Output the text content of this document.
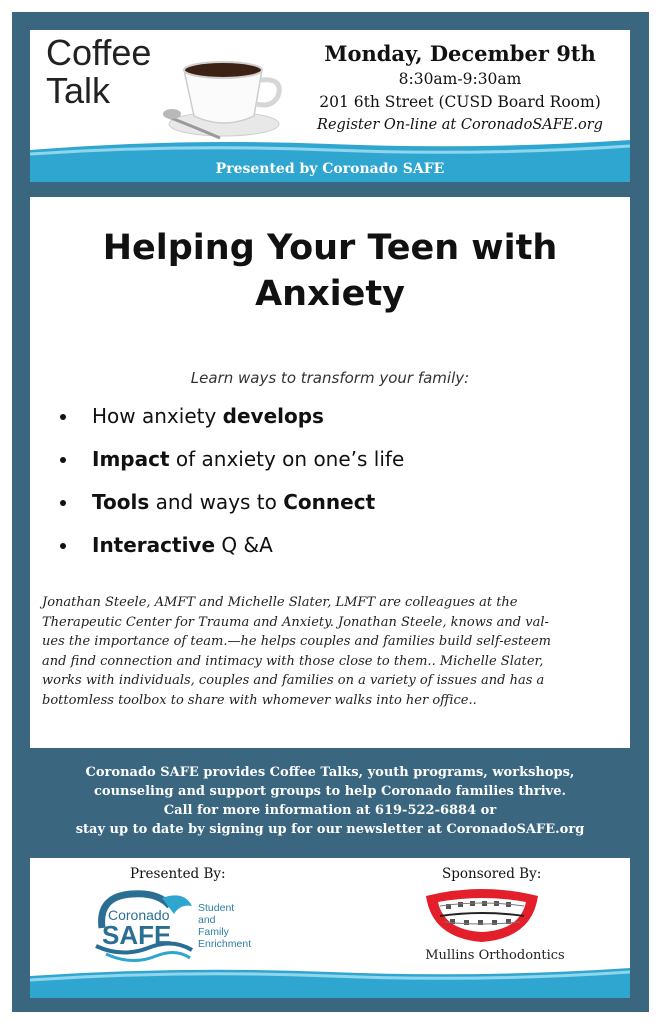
Coffee
Talk
Monday, December 9th
8:30am-9:30am
201 6th Street (CUSD Board Room)
Register On-line at CoronadoSAFE.org
Presented by Coronado SAFE
Helping Your Teen with
Anxiety
Learn ways to transform your family:
How anxiety develops
Impact of anxiety on one’s life
Tools and ways to Connect
Interactive Q &A
Jonathan Steele, AMFT and Michelle Slater, LMFT are colleagues at the
Therapeutic Center for Trauma and Anxiety. Jonathan Steele, knows and val-
ues the importance of team.—he helps couples and families build self-esteem
and find connection and intimacy with those close to them.. Michelle Slater,
works with individuals, couples and families on a variety of issues and has a
bottomless toolbox to share with whomever walks into her office..
Coronado SAFE provides Coffee Talks, youth programs, workshops,
counseling and support groups to help Coronado families thrive.
Call for more information at 619-522-6884 or
stay up to date by signing up for our newsletter at CoronadoSAFE.org
Presented By:	Sponsored By:
Coronado
SAFE
Student
and
Family
Enrichment
Mullins Orthodontics
